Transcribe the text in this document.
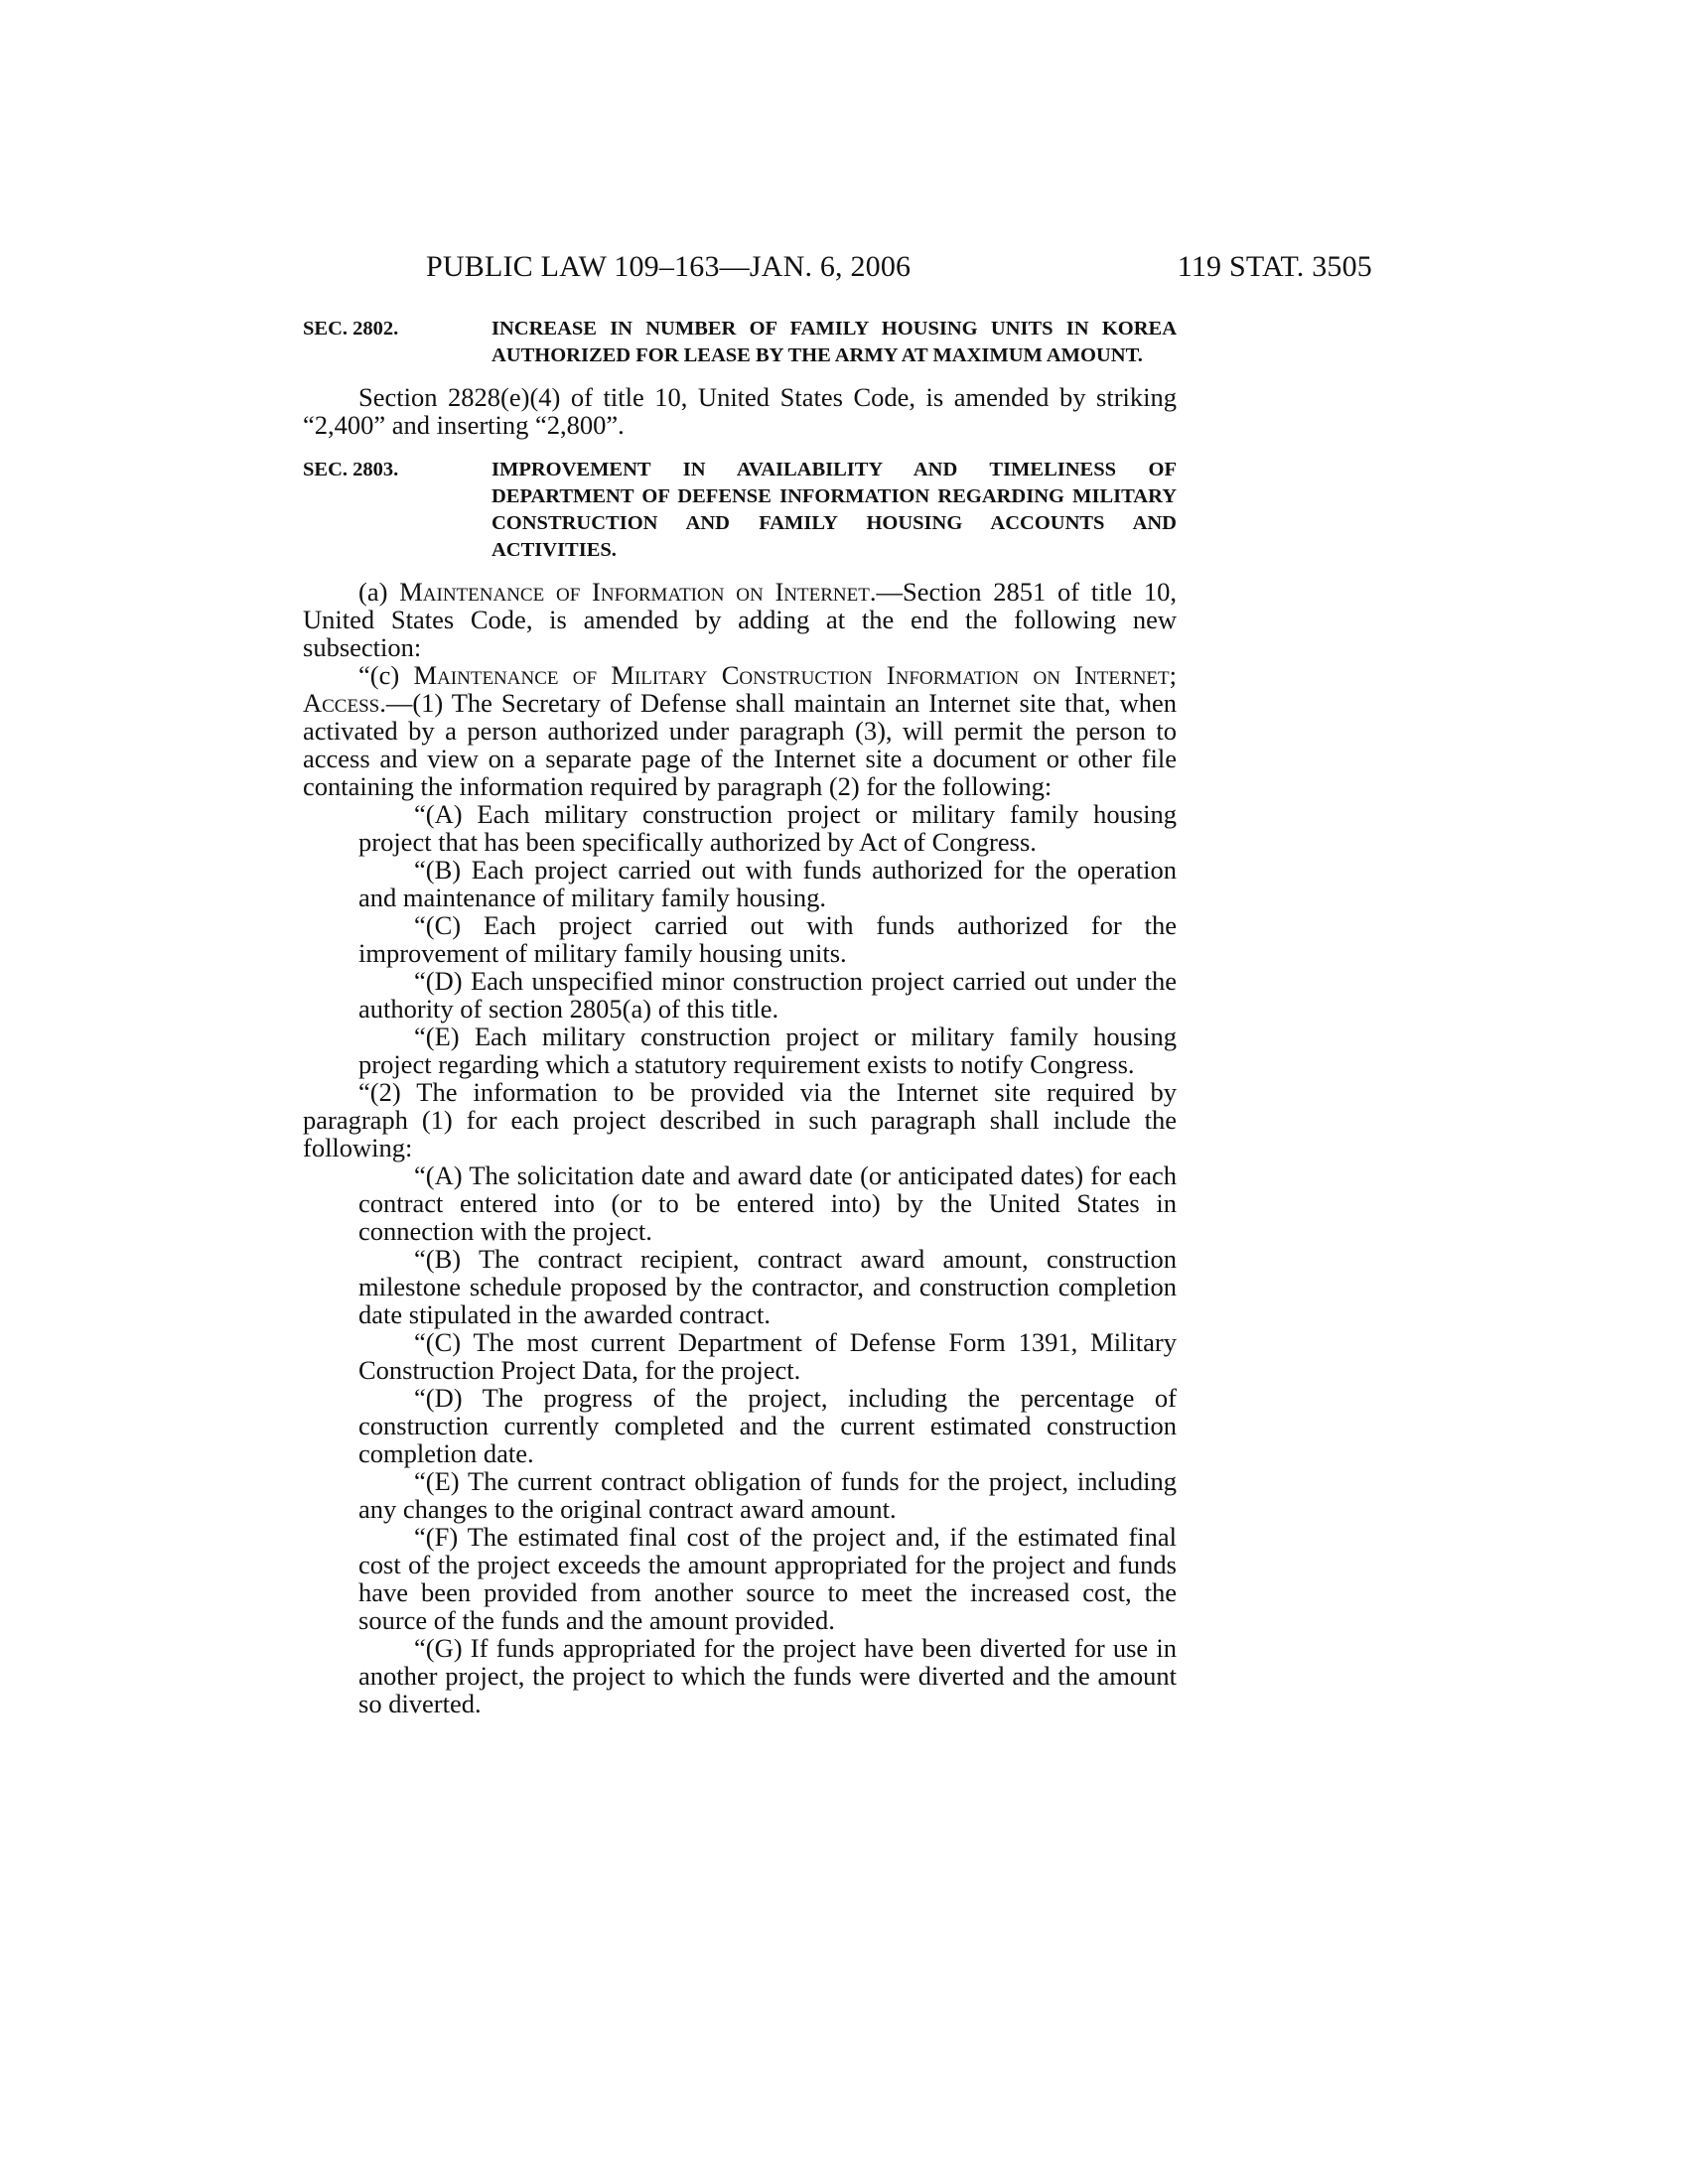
PUBLIC LAW 109–163—JAN. 6, 2006	119 STAT. 3505
SEC. 2802.	INCREASE IN NUMBER OF FAMILY HOUSING UNITS IN KOREA AUTHORIZED FOR LEASE BY THE ARMY AT MAXIMUM AMOUNT.

Section 2828(e)(4) of title 10, United States Code, is amended by striking “2,400” and inserting “2,800”.

SEC. 2803.	IMPROVEMENT IN AVAILABILITY AND TIMELINESS OF DEPARTMENT OF DEFENSE INFORMATION REGARDING MILITARY CONSTRUCTION AND FAMILY HOUSING ACCOUNTS AND ACTIVITIES.

(a) Maintenance of Information on Internet.—Section 2851 of title 10, United States Code, is amended by adding at the end the following new subsection:

“(c) Maintenance of Military Construction Information on Internet; Access.—(1) The Secretary of Defense shall maintain an Internet site that, when activated by a person authorized under paragraph (3), will permit the person to access and view on a separate page of the Internet site a document or other file containing the information required by paragraph (2) for the following:

“(A) Each military construction project or military family housing project that has been specifically authorized by Act of Congress.

“(B) Each project carried out with funds authorized for the operation and maintenance of military family housing.

“(C) Each project carried out with funds authorized for the improvement of military family housing units.

“(D) Each unspecified minor construction project carried out under the authority of section 2805(a) of this title.

“(E) Each military construction project or military family housing project regarding which a statutory requirement exists to notify Congress.

“(2) The information to be provided via the Internet site required by paragraph (1) for each project described in such paragraph shall include the following:

“(A) The solicitation date and award date (or anticipated dates) for each contract entered into (or to be entered into) by the United States in connection with the project.

“(B) The contract recipient, contract award amount, construction milestone schedule proposed by the contractor, and construction completion date stipulated in the awarded contract.

“(C) The most current Department of Defense Form 1391, Military Construction Project Data, for the project.

“(D) The progress of the project, including the percentage of construction currently completed and the current estimated construction completion date.

“(E) The current contract obligation of funds for the project, including any changes to the original contract award amount.

“(F) The estimated final cost of the project and, if the estimated final cost of the project exceeds the amount appropriated for the project and funds have been provided from another source to meet the increased cost, the source of the funds and the amount provided.

“(G) If funds appropriated for the project have been diverted for use in another project, the project to which the funds were diverted and the amount so diverted.
